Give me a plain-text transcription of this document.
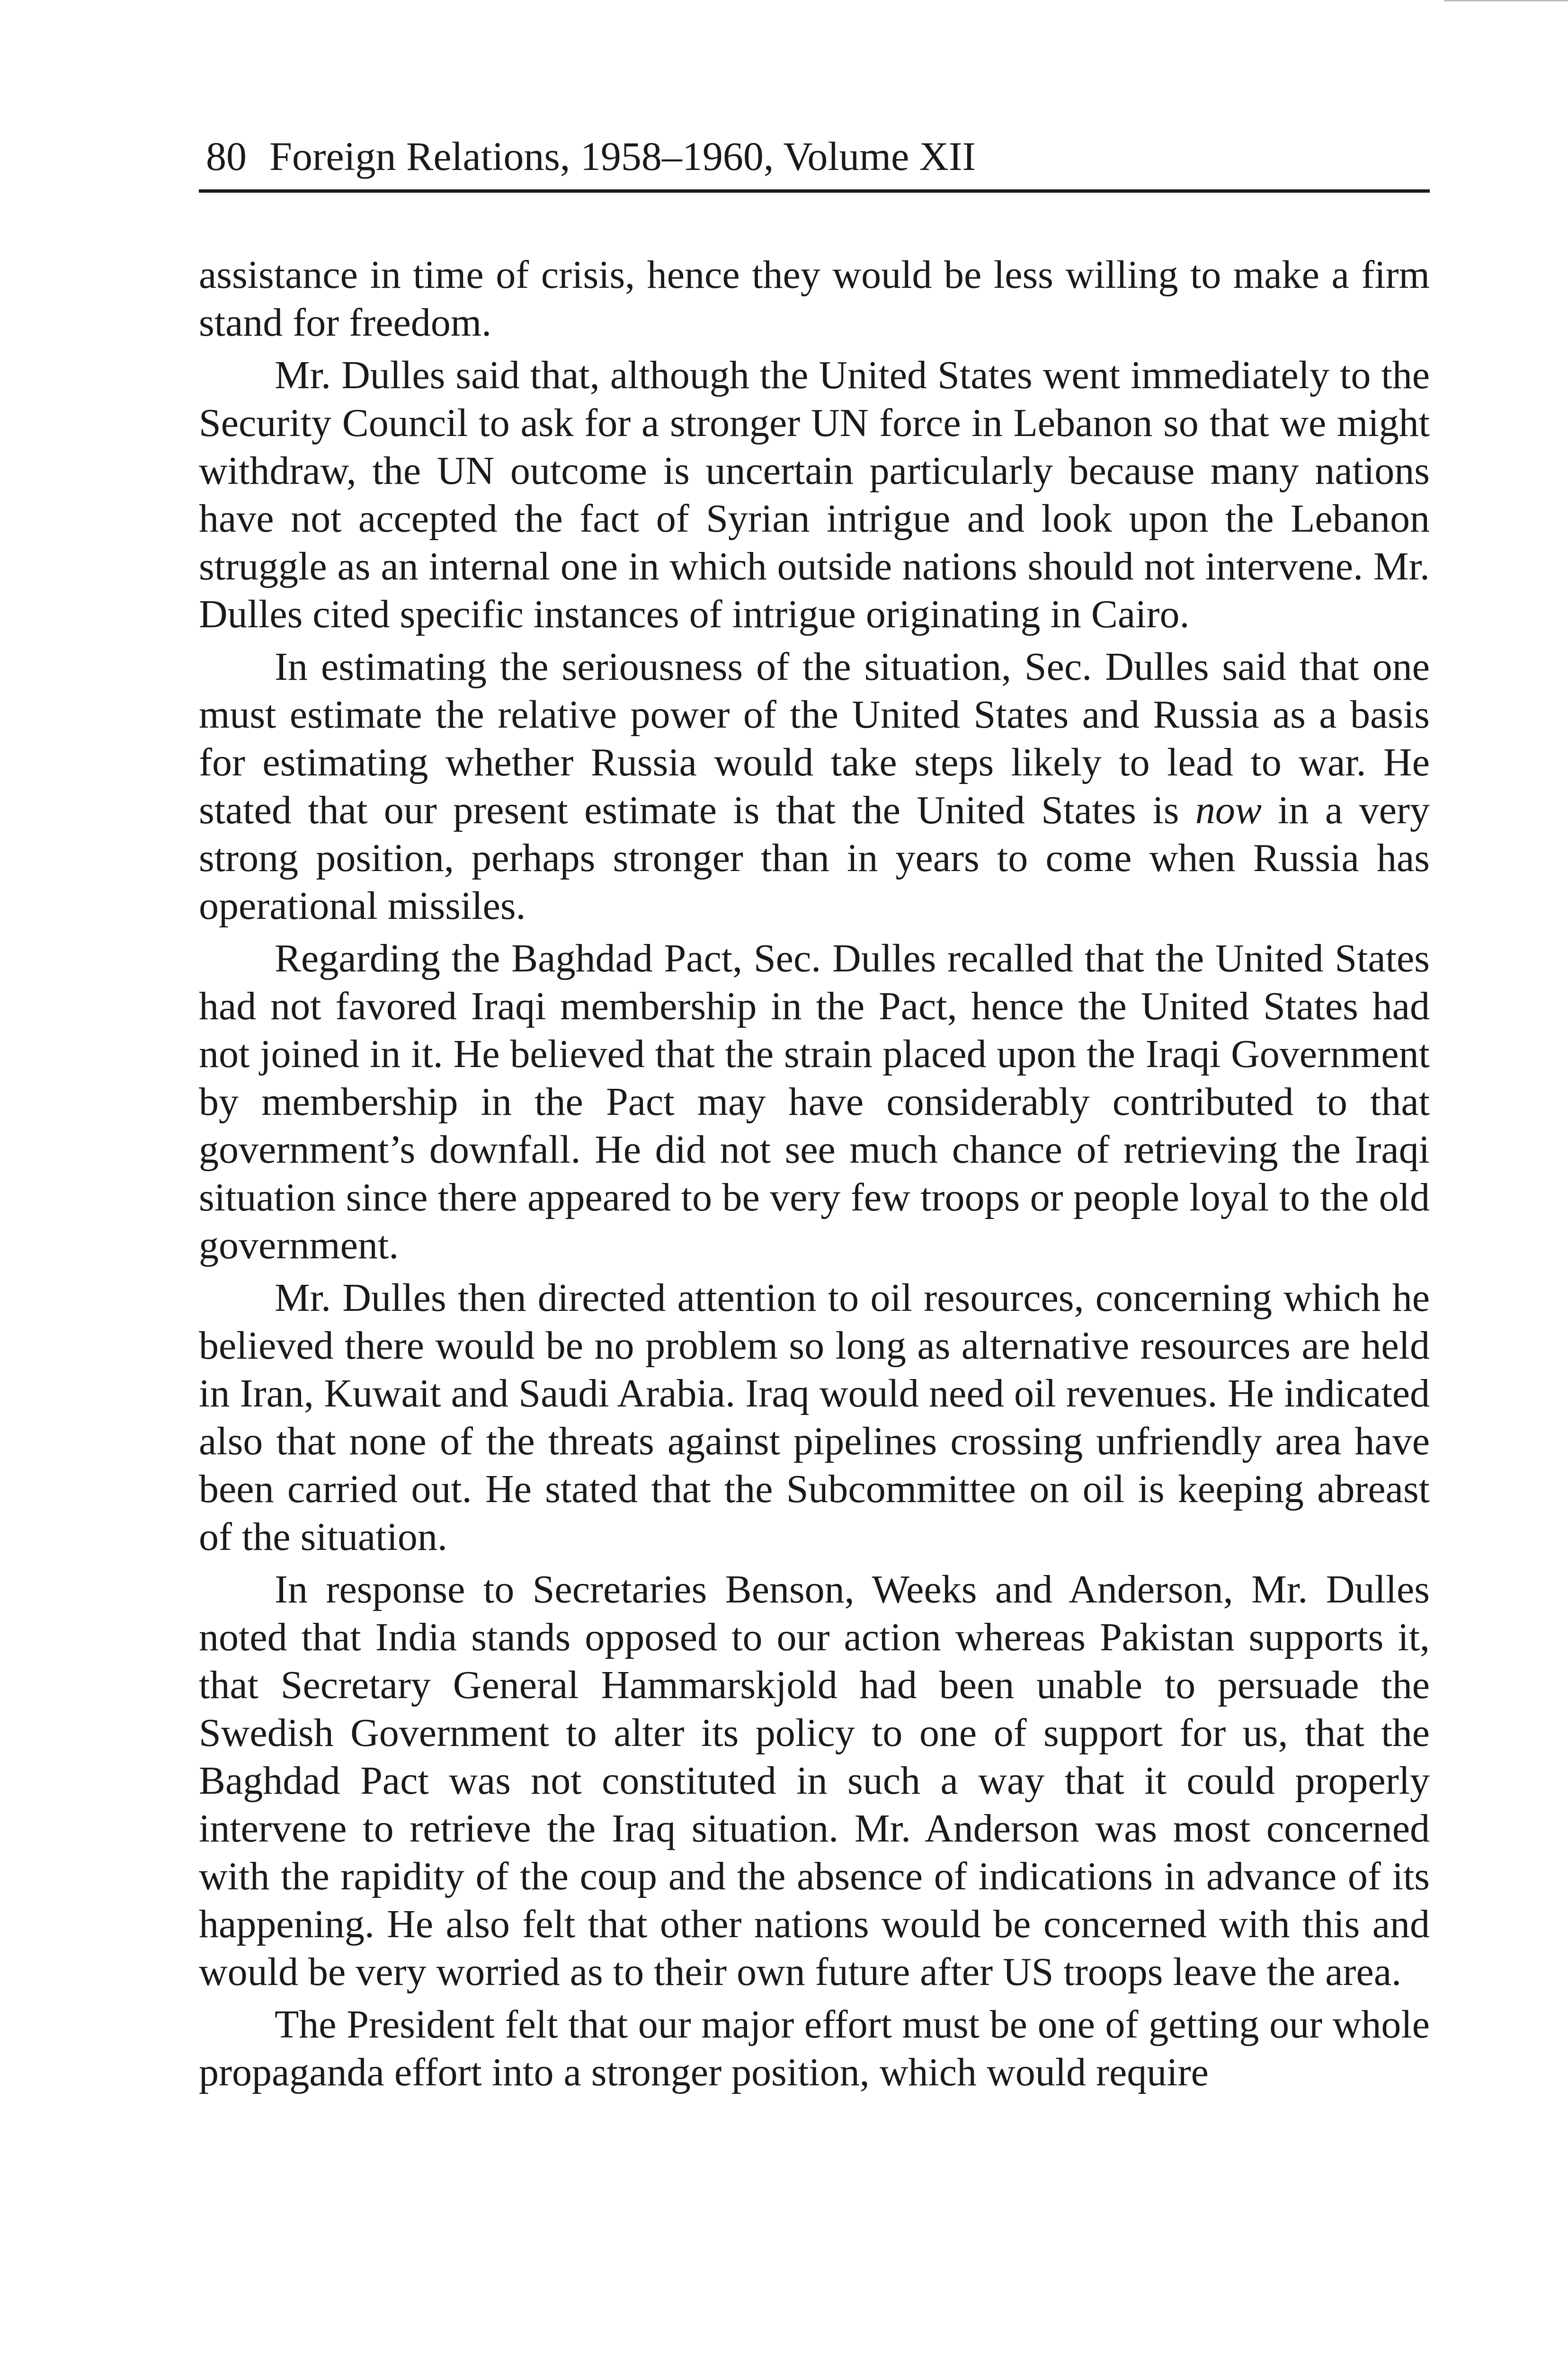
80 Foreign Relations, 1958–1960, Volume XII

assistance in time of crisis, hence they would be less willing to make a firm stand for freedom.

Mr. Dulles said that, although the United States went immediately to the Security Council to ask for a stronger UN force in Lebanon so that we might withdraw, the UN outcome is uncertain particularly because many nations have not accepted the fact of Syrian intrigue and look upon the Lebanon struggle as an internal one in which outside nations should not intervene. Mr. Dulles cited specific instances of intrigue originating in Cairo.

In estimating the seriousness of the situation, Sec. Dulles said that one must estimate the relative power of the United States and Russia as a basis for estimating whether Russia would take steps likely to lead to war. He stated that our present estimate is that the United States is now in a very strong position, perhaps stronger than in years to come when Russia has operational missiles.

Regarding the Baghdad Pact, Sec. Dulles recalled that the United States had not favored Iraqi membership in the Pact, hence the United States had not joined in it. He believed that the strain placed upon the Iraqi Government by membership in the Pact may have considerably contributed to that government’s downfall. He did not see much chance of retrieving the Iraqi situation since there appeared to be very few troops or people loyal to the old government.

Mr. Dulles then directed attention to oil resources, concerning which he believed there would be no problem so long as alternative resources are held in Iran, Kuwait and Saudi Arabia. Iraq would need oil revenues. He indicated also that none of the threats against pipelines crossing unfriendly area have been carried out. He stated that the Subcommittee on oil is keeping abreast of the situation.

In response to Secretaries Benson, Weeks and Anderson, Mr. Dulles noted that India stands opposed to our action whereas Pakistan supports it, that Secretary General Hammarskjold had been unable to persuade the Swedish Government to alter its policy to one of support for us, that the Baghdad Pact was not constituted in such a way that it could properly intervene to retrieve the Iraq situation. Mr. Anderson was most concerned with the rapidity of the coup and the absence of indications in advance of its happening. He also felt that other nations would be concerned with this and would be very worried as to their own future after US troops leave the area.

The President felt that our major effort must be one of getting our whole propaganda effort into a stronger position, which would require
